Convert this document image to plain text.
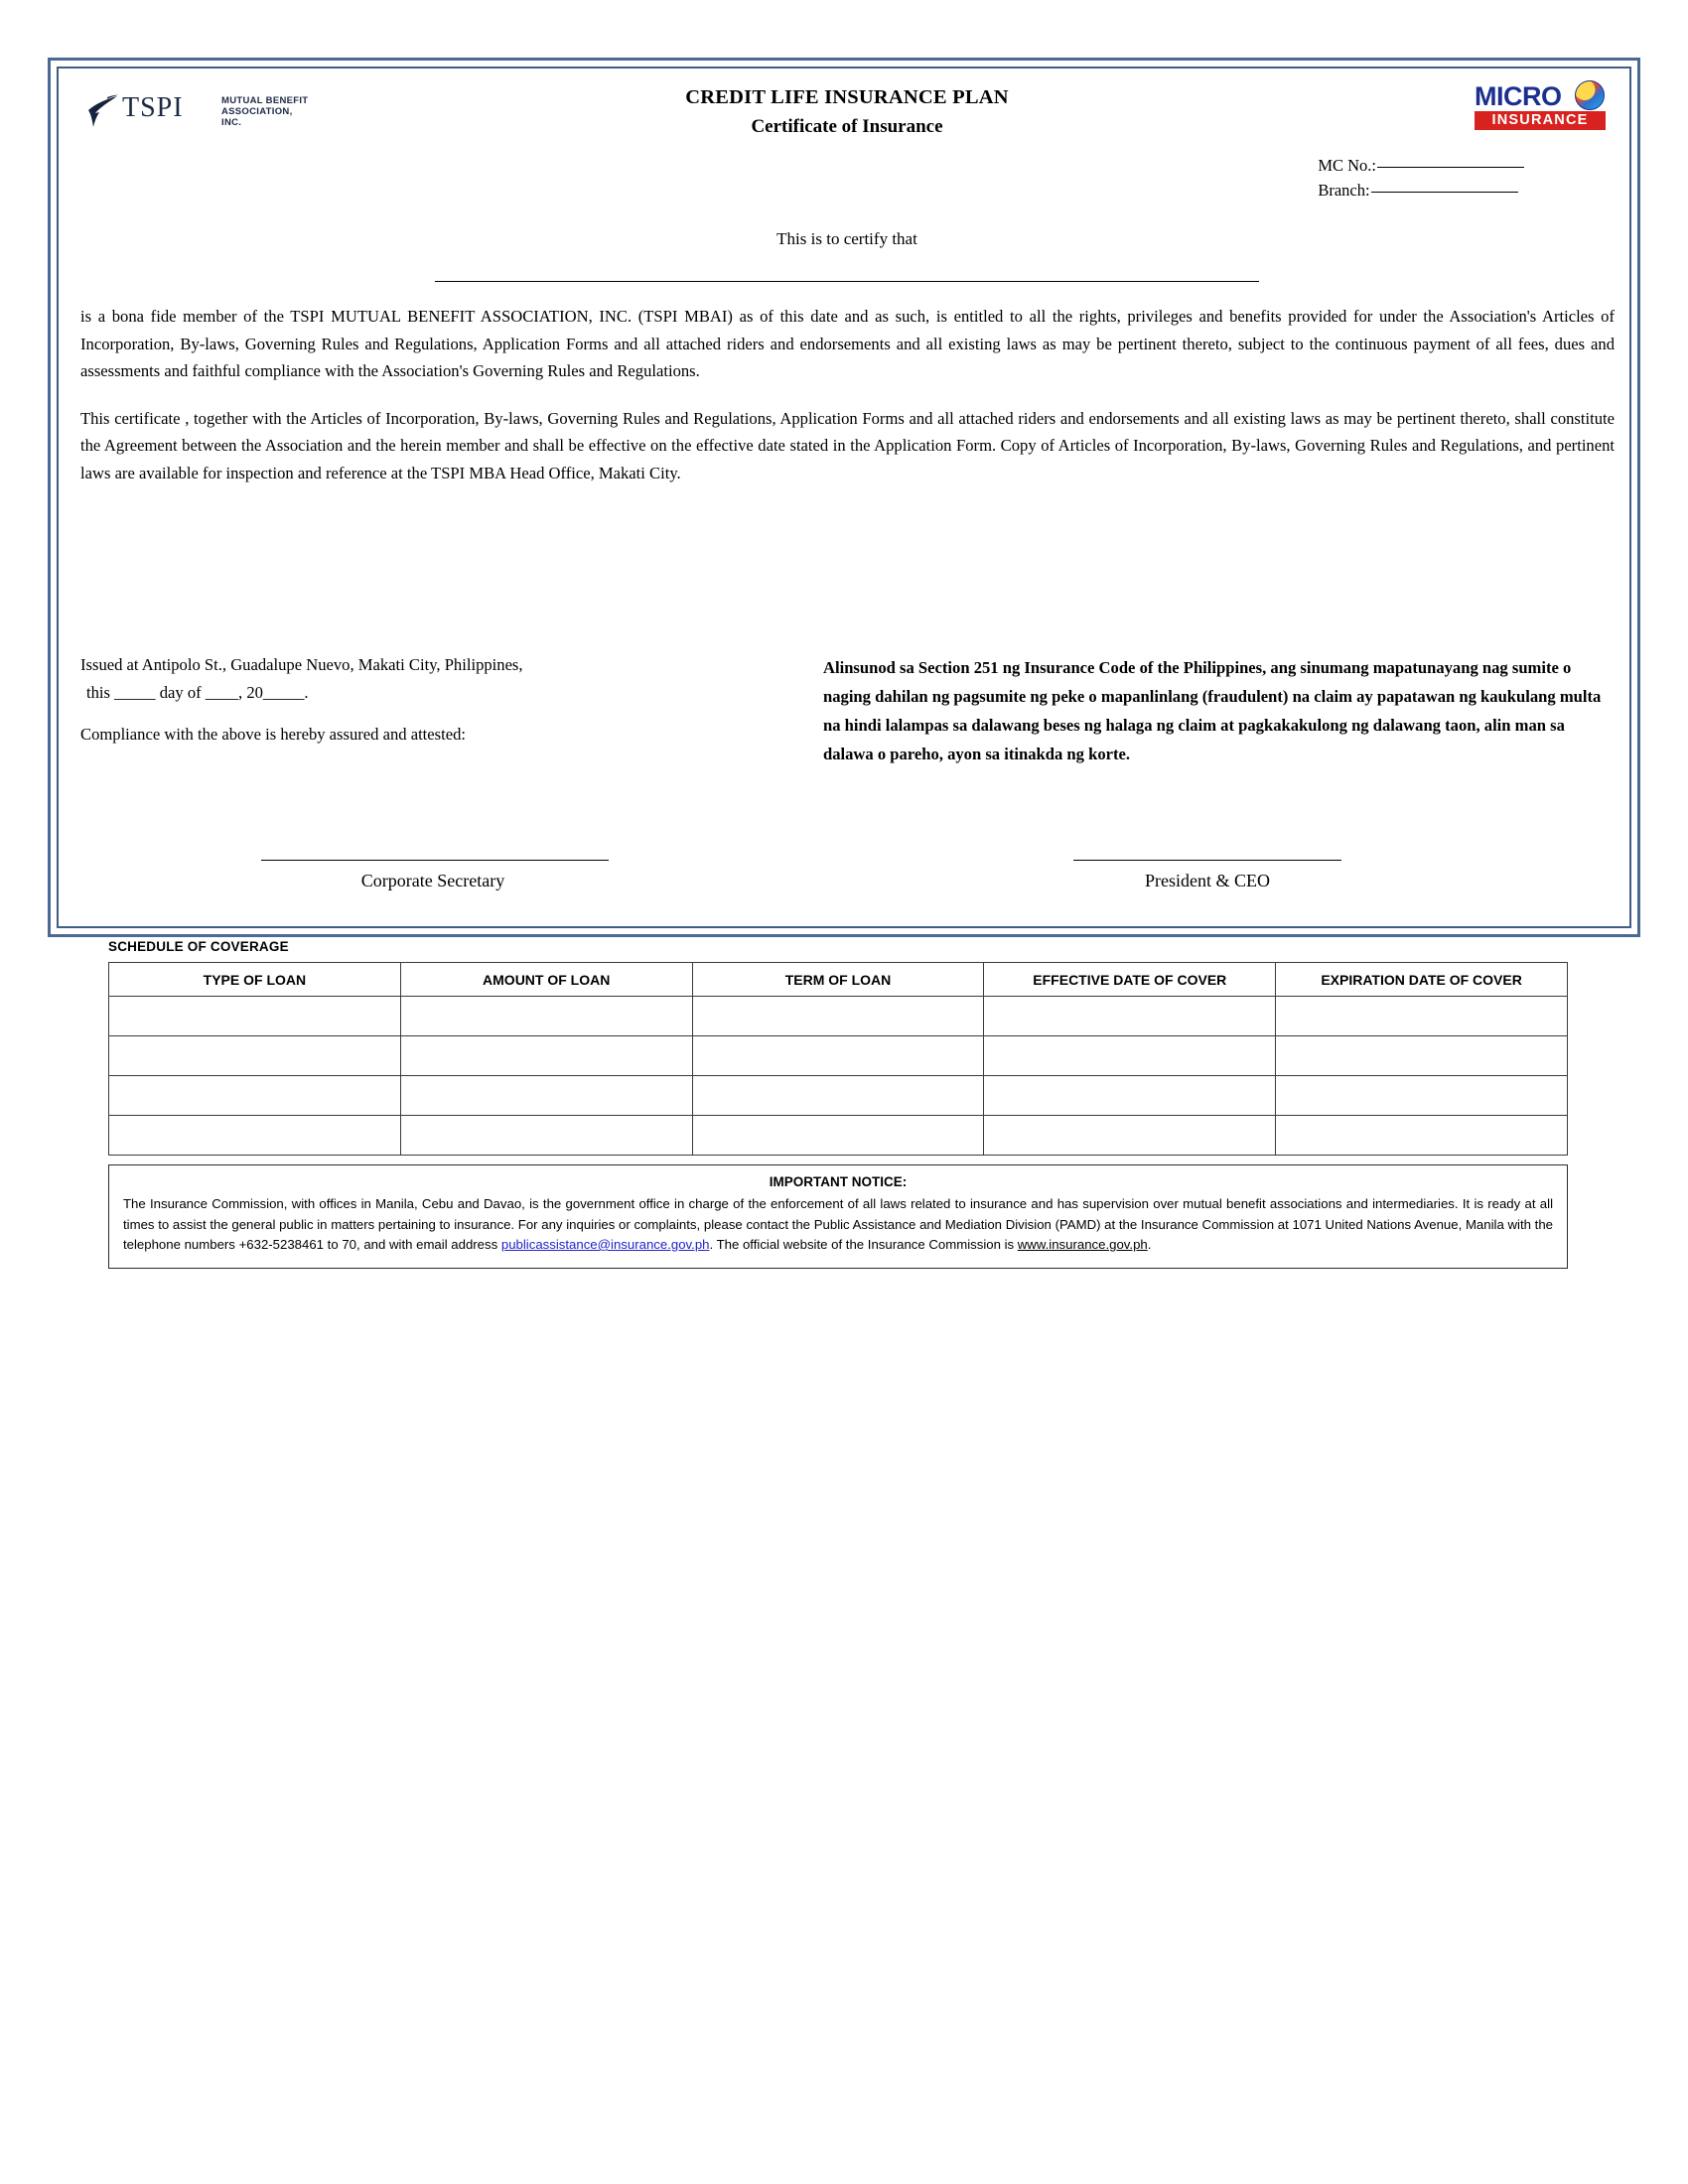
TSPI	MUTUAL BENEFIT
ASSOCIATION, INC.
CREDIT LIFE INSURANCE PLAN
Certificate of Insurance
MICRO
INSURANCE
MC No.:
Branch:
This is to certify that

is a bona fide member of the TSPI MUTUAL BENEFIT ASSOCIATION, INC. (TSPI MBAI) as of this date and as such, is entitled to all the rights, privileges and benefits provided for under the Association's Articles of Incorporation, By-laws, Governing Rules and Regulations, Application Forms and all attached riders and endorsements and all existing laws as may be pertinent thereto, subject to the continuous payment of all fees, dues and assessments and faithful compliance with the Association's Governing Rules and Regulations.

This certificate , together with the Articles of Incorporation, By-laws, Governing Rules and Regulations, Application Forms and all attached riders and endorsements and all existing laws as may be pertinent thereto, shall constitute the Agreement between the Association and the herein member and shall be effective on the effective date stated in the Application Form. Copy of Articles of Incorporation, By-laws, Governing Rules and Regulations, and pertinent laws are available for inspection and reference at the TSPI MBA Head Office, Makati City.

Issued at Antipolo St., Guadalupe Nuevo, Makati City, Philippines,
this _____ day of ____, 20_____.
Compliance with the above is hereby assured and attested:
Alinsunod sa Section 251 ng Insurance Code of the Philippines, ang sinumang mapatunayang nag sumite o naging dahilan ng pagsumite ng peke o mapanlinlang (fraudulent) na claim ay papatawan ng kaukulang multa na hindi lalampas sa dalawang beses ng halaga ng claim at pagkakakulong ng dalawang taon, alin man sa dalawa o pareho, ayon sa itinakda ng korte.
Corporate Secretary	President & CEO
SCHEDULE OF COVERAGE
TYPE OF LOAN	AMOUNT OF LOAN	TERM OF LOAN	EFFECTIVE DATE OF COVER	EXPIRATION DATE OF COVER

IMPORTANT NOTICE:
The Insurance Commission, with offices in Manila, Cebu and Davao, is the government office in charge of the enforcement of all laws related to insurance and has supervision over mutual benefit associations and intermediaries. It is ready at all times to assist the general public in matters pertaining to insurance. For any inquiries or complaints, please contact the Public Assistance and Mediation Division (PAMD) at the Insurance Commission at 1071 United Nations Avenue, Manila with the telephone numbers +632-5238461 to 70, and with email address publicassistance@insurance.gov.ph. The official website of the Insurance Commission is www.insurance.gov.ph.
